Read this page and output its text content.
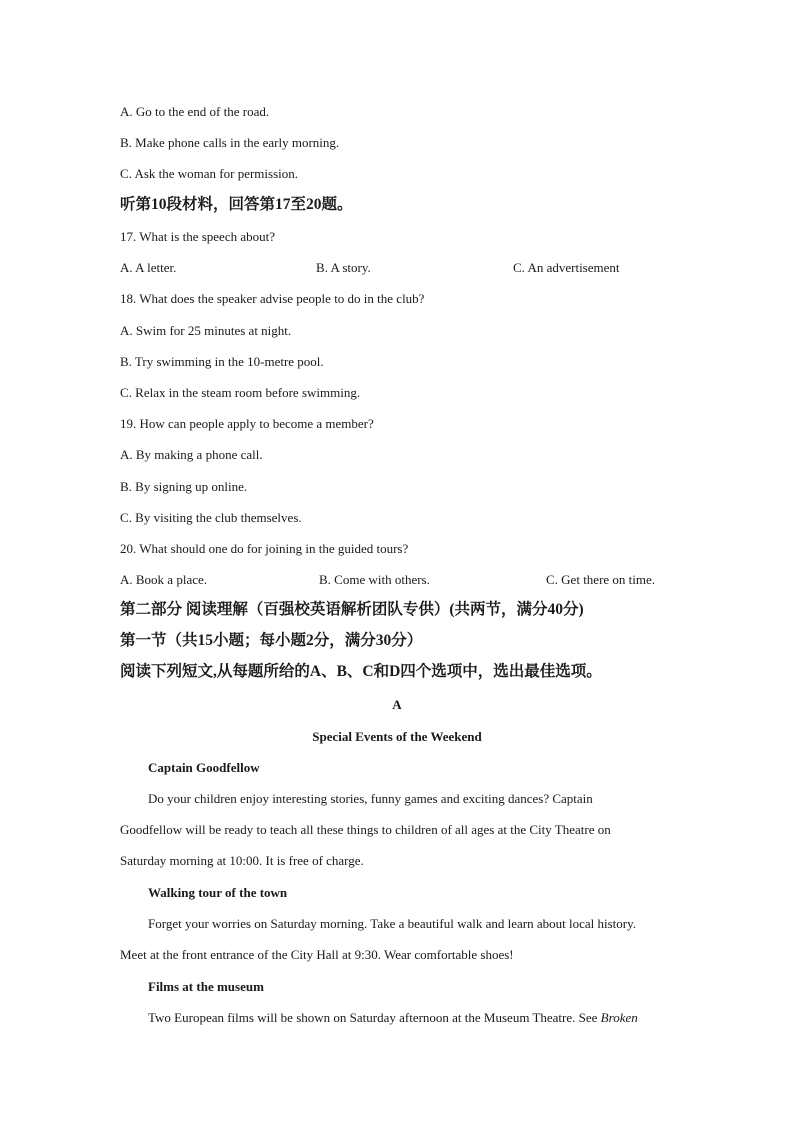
A. Go to the end of the road.
B. Make phone calls in the early morning.
C. Ask the woman for permission.
听第10段材料，回答第17至20题。
17. What is the speech about?
A. A letter.	B. A story.	C. An advertisement
18. What does the speaker advise people to do in the club?
A. Swim for 25 minutes at night.
B. Try swimming in the 10-metre pool.
C. Relax in the steam room before swimming.
19. How can people apply to become a member?
A. By making a phone call.
B. By signing up online.
C. By visiting the club themselves.
20. What should one do for joining in the guided tours?
A. Book a place.	B. Come with others.	C. Get there on time.
第二部分 阅读理解（百强校英语解析团队专供）(共两节，满分40分)
第一节（共15小题；每小题2分，满分30分）
阅读下列短文,从每题所给的A、B、C和D四个选项中，选出最佳选项。
A
Special Events of the Weekend
Captain Goodfellow
Do your children enjoy interesting stories, funny games and exciting dances? Captain
Goodfellow will be ready to teach all these things to children of all ages at the City Theatre on
Saturday morning at 10:00. It is free of charge.
Walking tour of the town
Forget your worries on Saturday morning. Take a beautiful walk and learn about local history.
Meet at the front entrance of the City Hall at 9:30. Wear comfortable shoes!
Films at the museum
Two European films will be shown on Saturday afternoon at the Museum Theatre. See Broken
